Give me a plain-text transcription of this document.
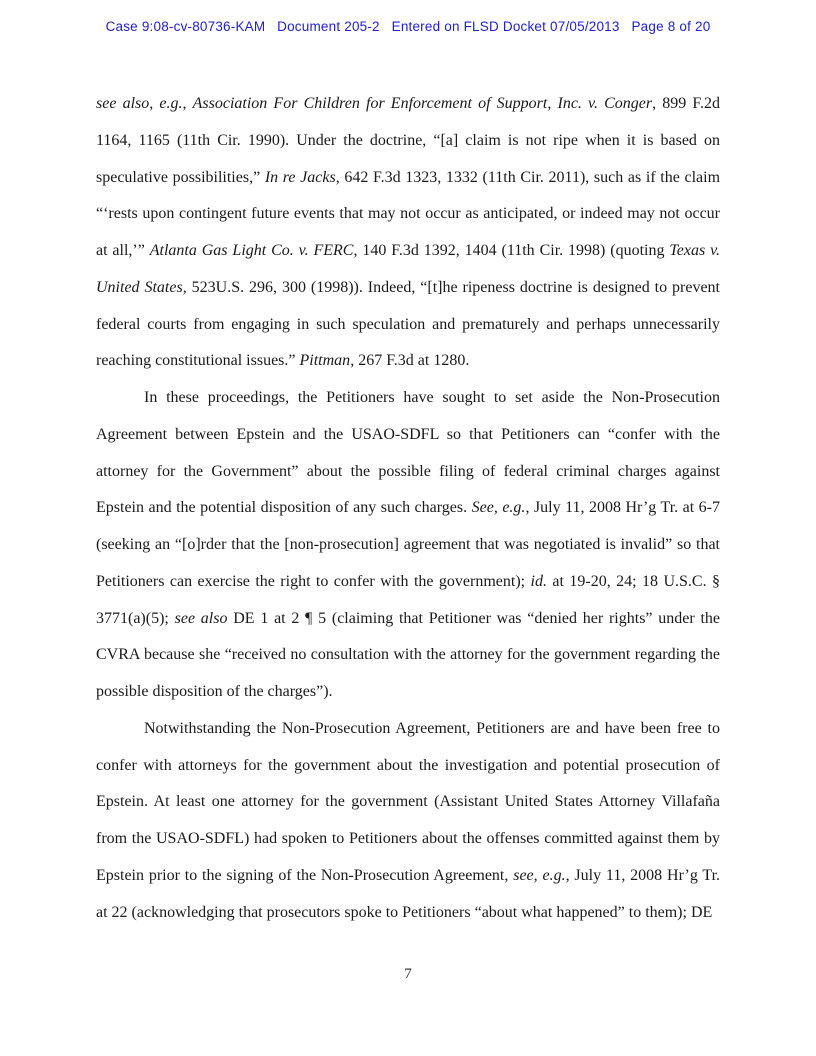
Case 9:08-cv-80736-KAM   Document 205-2   Entered on FLSD Docket 07/05/2013   Page 8 of 20

see also, e.g., Association For Children for Enforcement of Support, Inc. v. Conger, 899 F.2d 1164, 1165 (11th Cir. 1990). Under the doctrine, “[a] claim is not ripe when it is based on speculative possibilities,” In re Jacks, 642 F.3d 1323, 1332 (11th Cir. 2011), such as if the claim “‘rests upon contingent future events that may not occur as anticipated, or indeed may not occur at all,’” Atlanta Gas Light Co. v. FERC, 140 F.3d 1392, 1404 (11th Cir. 1998) (quoting Texas v. United States, 523U.S. 296, 300 (1998)). Indeed, “[t]he ripeness doctrine is designed to prevent federal courts from engaging in such speculation and prematurely and perhaps unnecessarily reaching constitutional issues.” Pittman, 267 F.3d at 1280.

In these proceedings, the Petitioners have sought to set aside the Non-Prosecution Agreement between Epstein and the USAO-SDFL so that Petitioners can “confer with the attorney for the Government” about the possible filing of federal criminal charges against Epstein and the potential disposition of any such charges. See, e.g., July 11, 2008 Hr’g Tr. at 6-7 (seeking an “[o]rder that the [non-prosecution] agreement that was negotiated is invalid” so that Petitioners can exercise the right to confer with the government); id. at 19-20, 24; 18 U.S.C. § 3771(a)(5); see also DE 1 at 2 ¶ 5 (claiming that Petitioner was “denied her rights” under the CVRA because she “received no consultation with the attorney for the government regarding the possible disposition of the charges”).

Notwithstanding the Non-Prosecution Agreement, Petitioners are and have been free to confer with attorneys for the government about the investigation and potential prosecution of Epstein. At least one attorney for the government (Assistant United States Attorney Villafaña from the USAO-SDFL) had spoken to Petitioners about the offenses committed against them by Epstein prior to the signing of the Non-Prosecution Agreement, see, e.g., July 11, 2008 Hr’g Tr. at 22 (acknowledging that prosecutors spoke to Petitioners “about what happened” to them); DE

7
